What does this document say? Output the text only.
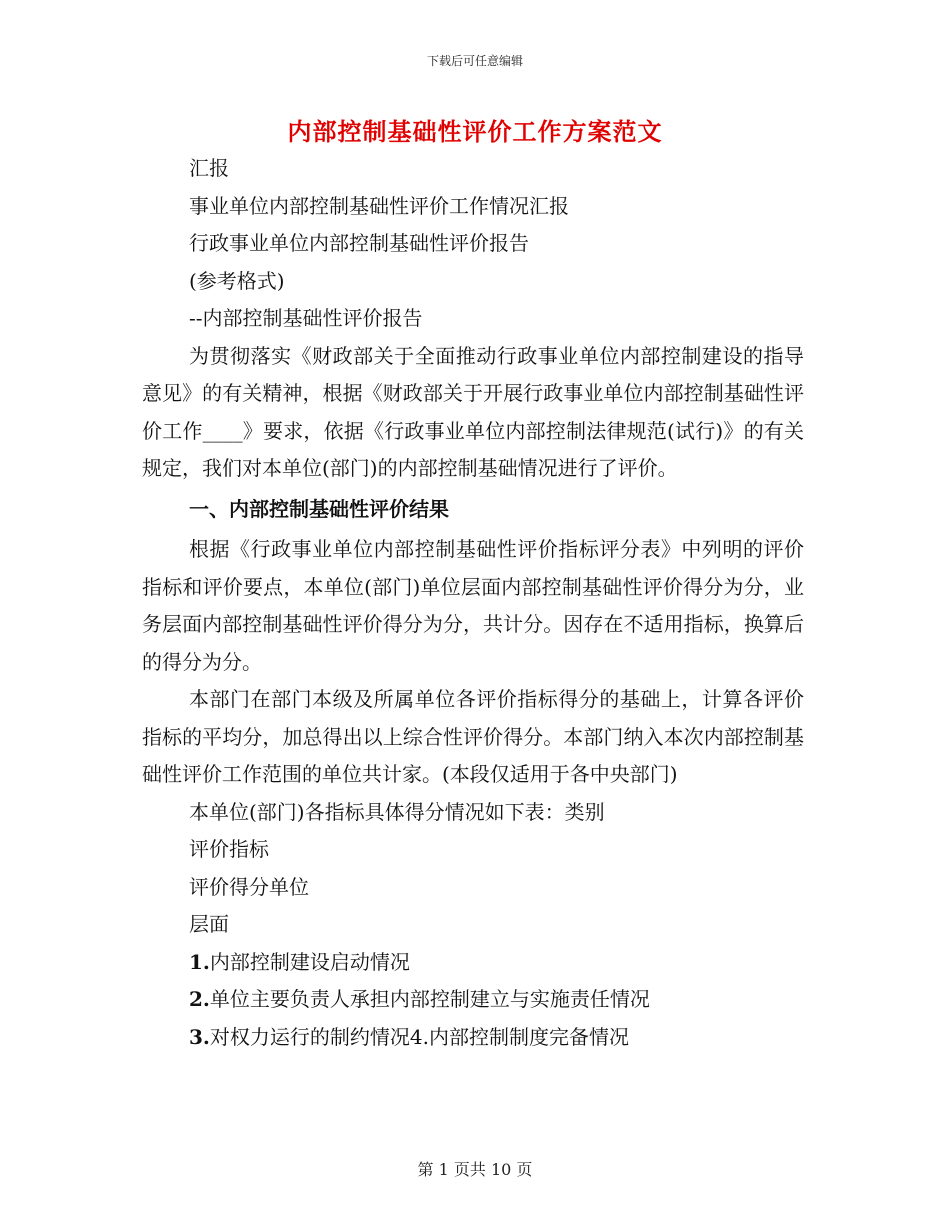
下载后可任意编辑
内部控制基础性评价工作方案范文
汇报
事业单位内部控制基础性评价工作情况汇报
行政事业单位内部控制基础性评价报告
(参考格式)
--内部控制基础性评价报告

为贯彻落实《财政部关于全面推动行政事业单位内部控制建设的指导意见》的有关精神，根据《财政部关于开展行政事业单位内部控制基础性评价工作____》要求，依据《行政事业单位内部控制法律规范(试行)》的有关规定，我们对本单位(部门)的内部控制基础情况进行了评价。

一、内部控制基础性评价结果

根据《行政事业单位内部控制基础性评价指标评分表》中列明的评价指标和评价要点，本单位(部门)单位层面内部控制基础性评价得分为分，业务层面内部控制基础性评价得分为分，共计分。因存在不适用指标，换算后的得分为分。

本部门在部门本级及所属单位各评价指标得分的基础上，计算各评价指标的平均分，加总得出以上综合性评价得分。本部门纳入本次内部控制基础性评价工作范围的单位共计家。(本段仅适用于各中央部门)

本单位(部门)各指标具体得分情况如下表：类别
评价指标
评价得分单位
层面
1.内部控制建设启动情况
2.单位主要负责人承担内部控制建立与实施责任情况
3.对权力运行的制约情况4.内部控制制度完备情况
第 1 页共 10 页
